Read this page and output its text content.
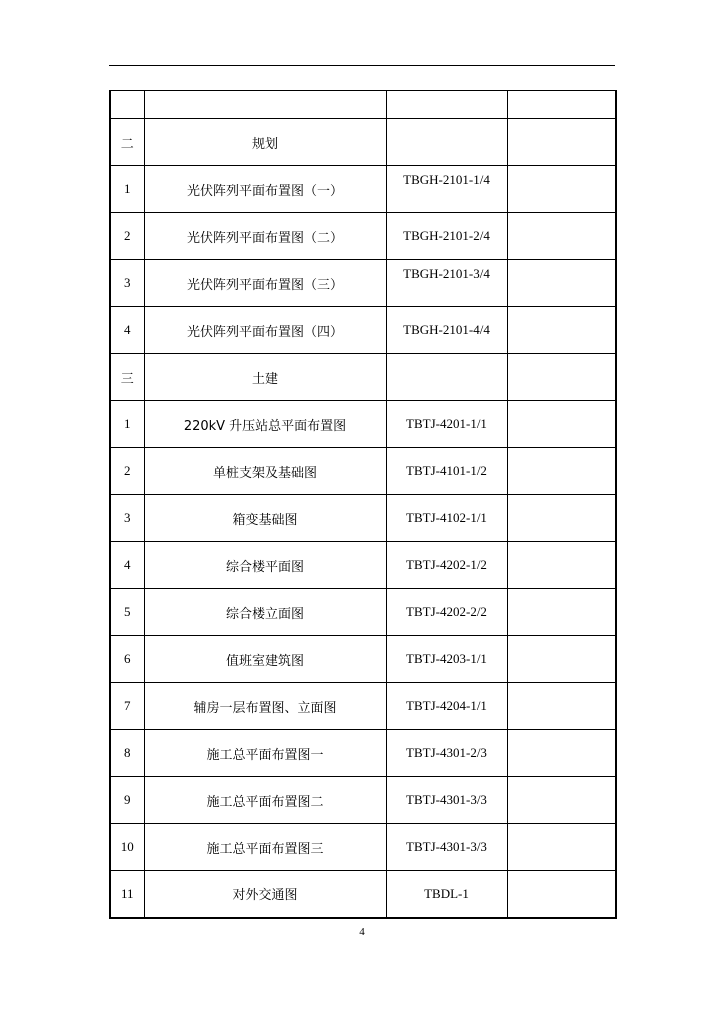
二	规划		
1	光伏阵列平面布置图（一）	TBGH-2101-1/4	
2	光伏阵列平面布置图（二）	TBGH-2101-2/4	
3	光伏阵列平面布置图（三）	TBGH-2101-3/4	
4	光伏阵列平面布置图（四）	TBGH-2101-4/4	
三	土建		
1	220kV 升压站总平面布置图	TBTJ-4201-1/1	
2	单桩支架及基础图	TBTJ-4101-1/2	
3	箱变基础图	TBTJ-4102-1/1	
4	综合楼平面图	TBTJ-4202-1/2	
5	综合楼立面图	TBTJ-4202-2/2	
6	值班室建筑图	TBTJ-4203-1/1	
7	辅房一层布置图、立面图	TBTJ-4204-1/1	
8	施工总平面布置图一	TBTJ-4301-2/3	
9	施工总平面布置图二	TBTJ-4301-3/3	
10	施工总平面布置图三	TBTJ-4301-3/3	
11	对外交通图	TBDL-1	
4
